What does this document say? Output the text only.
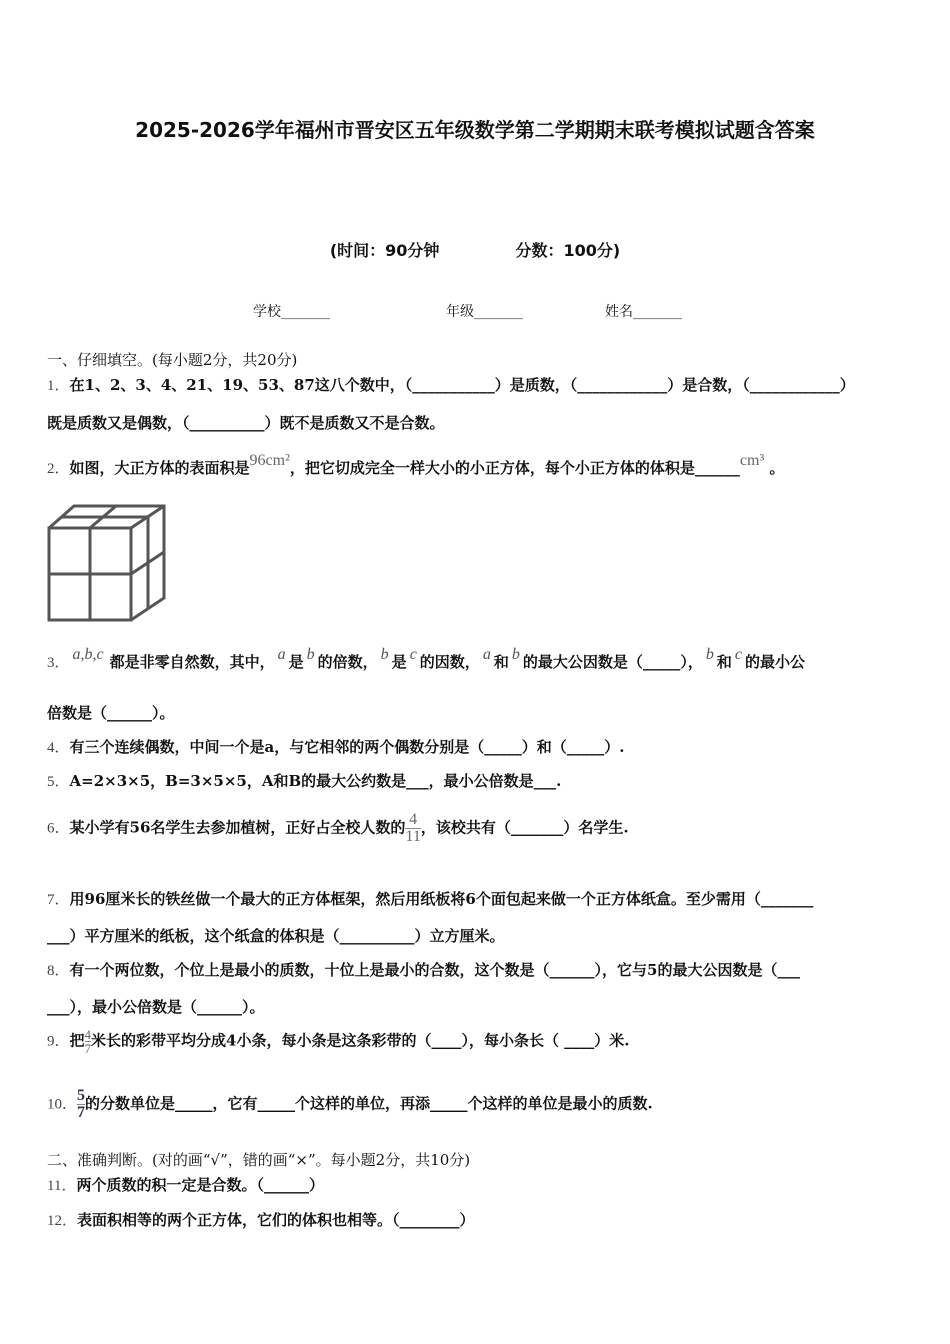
2025-2026学年福州市晋安区五年级数学第二学期期末联考模拟试题含答案
(时间：90分钟	分数：100分)
学校_______	年级_______	姓名_______
一、仔细填空。(每小题2分，共20分)
1．在1、2、3、4、21、19、53、87这八个数中，（___________）是质数，（____________）是合数，（____________）
既是质数又是偶数，（__________）既不是质数又不是合数。
2．如图，大正方体的表面积是96cm²，把它切成完全一样大小的小正方体，每个小正方体的体积是______cm³ 。
3． a,b,c 都是非零自然数，其中， a 是 b 的倍数， b 是 c 的因数， a 和 b 的最大公因数是（_____）， b 和 c 的最小公
倍数是（______）。
4．有三个连续偶数，中间一个是a，与它相邻的两个偶数分别是（_____）和（_____）.
5．A=2×3×5，B=3×5×5，A和B的最大公约数是___，最小公倍数是___.
6．某小学有56名学生去参加植树，正好占全校人数的 $\frac{4}{11}$ ，该校共有（_______）名学生.
7．用96厘米长的铁丝做一个最大的正方体框架，然后用纸板将6个面包起来做一个正方体纸盒。至少需用（_______
___）平方厘米的纸板，这个纸盒的体积是（__________）立方厘米。
8．有一个两位数，个位上是最小的质数，十位上是最小的合数，这个数是（______），它与5的最大公因数是（___
___），最小公倍数是（______）。
9．把 $\frac{4}{7}$ 米长的彩带平均分成4小条，每小条是这条彩带的（____），每小条长（ ____）米.
10． $\frac{5}{7}$ 的分数单位是_____，它有_____个这样的单位，再添_____个这样的单位是最小的质数.
二、准确判断。(对的画“√”，错的画“×”。每小题2分，共10分)
11．两个质数的积一定是合数。（______）
12．表面积相等的两个正方体，它们的体积也相等。（________）
